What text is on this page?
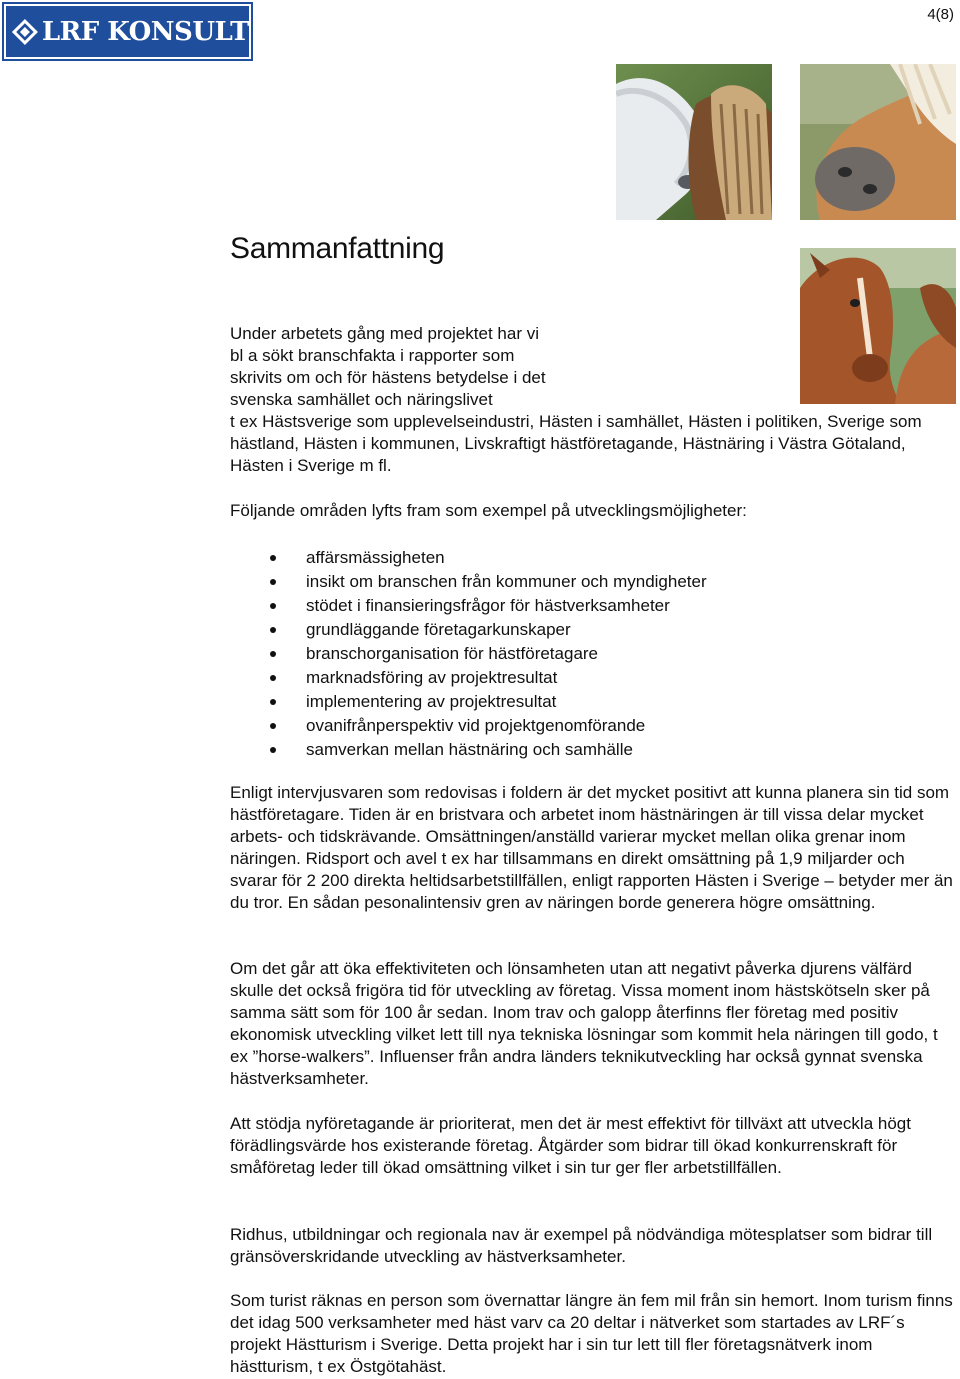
LRF KONSULT
4(8)
Sammanfattning
Under arbetets gång med projektet har vi
bl a sökt branschfakta i rapporter som
skrivits om och för hästens betydelse i det
svenska samhället och näringslivet
t ex Hästsverige som upplevelseindustri, Hästen i samhället, Hästen i politiken, Sverige som hästland, Hästen i kommunen, Livskraftigt hästföretagande, Hästnäring i Västra Götaland, Hästen i Sverige m fl.
Följande områden lyfts fram som exempel på utvecklingsmöjligheter:
affärsmässigheten
insikt om branschen från kommuner och myndigheter
stödet i finansieringsfrågor för hästverksamheter
grundläggande företagarkunskaper
branschorganisation för hästföretagare
marknadsföring av projektresultat
implementering av projektresultat
ovanifrånperspektiv vid projektgenomförande
samverkan mellan hästnäring och samhälle

Enligt intervjusvaren som redovisas i foldern är det mycket positivt att kunna planera sin tid som hästföretagare. Tiden är en bristvara och arbetet inom hästnäringen är till vissa delar mycket arbets- och tidskrävande. Omsättningen/anställd varierar mycket mellan olika grenar inom näringen. Ridsport och avel t ex har tillsammans en direkt omsättning på 1,9 miljarder och svarar för 2 200 direkta heltidsarbetstillfällen, enligt rapporten Hästen i Sverige – betyder mer än du tror. En sådan pesonalintensiv gren av näringen borde generera högre omsättning.

Om det går att öka effektiviteten och lönsamheten utan att negativt påverka djurens välfärd skulle det också frigöra tid för utveckling av företag. Vissa moment inom hästskötseln sker på samma sätt som för 100 år sedan. Inom trav och galopp återfinns fler företag med positiv ekonomisk utveckling vilket lett till nya tekniska lösningar som kommit hela näringen till godo, t ex ”horse-walkers”. Influenser från andra länders teknikutveckling har också gynnat svenska hästverksamheter.

Att stödja nyföretagande är prioriterat, men det är mest effektivt för tillväxt att utveckla högt förädlingsvärde hos existerande företag. Åtgärder som bidrar till ökad konkurrenskraft för småföretag leder till ökad omsättning vilket i sin tur ger fler arbetstillfällen.

Ridhus, utbildningar och regionala nav är exempel på nödvändiga mötesplatser som bidrar till gränsöverskridande utveckling av hästverksamheter.

Som turist räknas en person som övernattar längre än fem mil från sin hemort. Inom turism finns det idag 500 verksamheter med häst varv ca 20 deltar i nätverket som startades av LRF´s projekt Hästturism i Sverige. Detta projekt har i sin tur lett till fler företagsnätverk inom hästturism, t ex Östgötahäst.
